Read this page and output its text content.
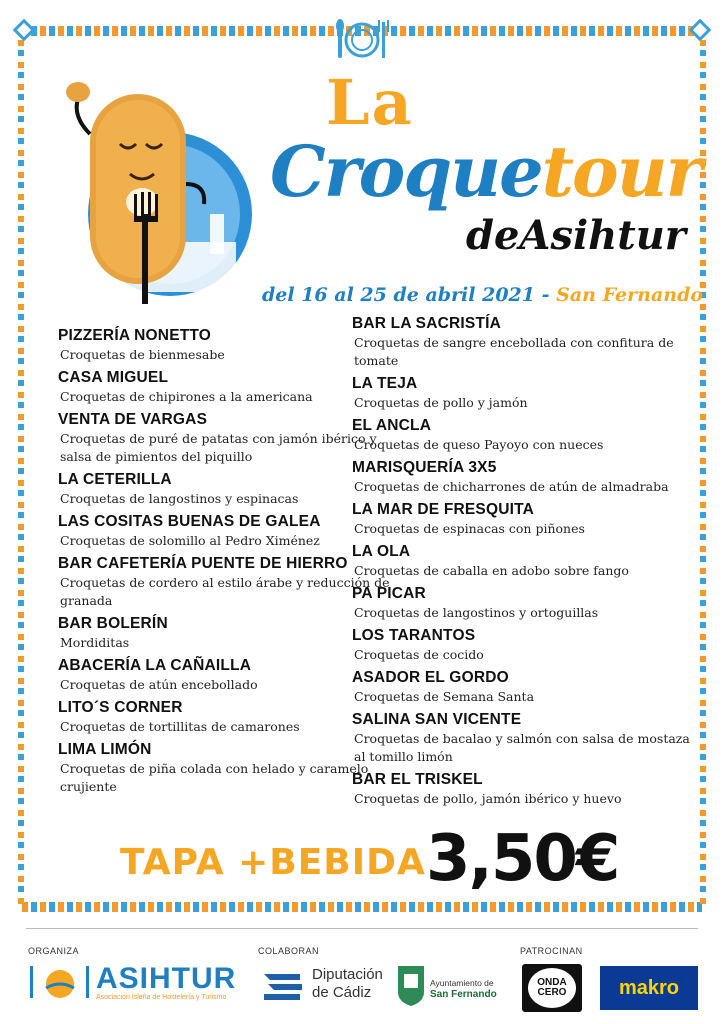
La
Croquetour
deAsihtur
del 16 al 25 de abril 2021 - San Fernando

PIZZERÍA NONETTO

Croquetas de bienmesabe

CASA MIGUEL

Croquetas de chipirones a la americana

VENTA DE VARGAS

Croquetas de puré de patatas con jamón ibérico y salsa de pimientos del piquillo

LA CETERILLA

Croquetas de langostinos y espinacas

LAS COSITAS BUENAS DE GALEA

Croquetas de solomillo al Pedro Ximénez

BAR CAFETERÍA PUENTE DE HIERRO

Croquetas de cordero al estilo árabe y reducción de granada

BAR BOLERÍN

Mordiditas

ABACERÍA LA CAÑAILLA

Croquetas de atún encebollado

LITO´S CORNER

Croquetas de tortillitas de camarones

LIMA LIMÓN

Croquetas de piña colada con helado y caramelo crujiente

BAR LA SACRISTÍA

Croquetas de sangre encebollada con confitura de tomate

LA TEJA

Croquetas de pollo y jamón

EL ANCLA

Croquetas de queso Payoyo con nueces

MARISQUERÍA 3X5

Croquetas de chicharrones de atún de almadraba

LA MAR DE FRESQUITA

Croquetas de espinacas con piñones

LA OLA

Croquetas de caballa en adobo sobre fango

PA PICAR

Croquetas de langostinos y ortoguillas

LOS TARANTOS

Croquetas de cocido

ASADOR EL GORDO

Croquetas de Semana Santa

SALINA SAN VICENTE

Croquetas de bacalao y salmón con salsa de mostaza al tomillo limón

BAR EL TRISKEL

Croquetas de pollo, jamón ibérico y huevo

TAPA +BEBIDA 3,50€
ORGANIZA	COLABORAN	PATROCINAN
ASIHTUR
Asociación Isleña de Hostelería y Turismo
Diputación
de Cádiz
Ayuntamiento de
San Fernando
ONDA
CERO	makro
